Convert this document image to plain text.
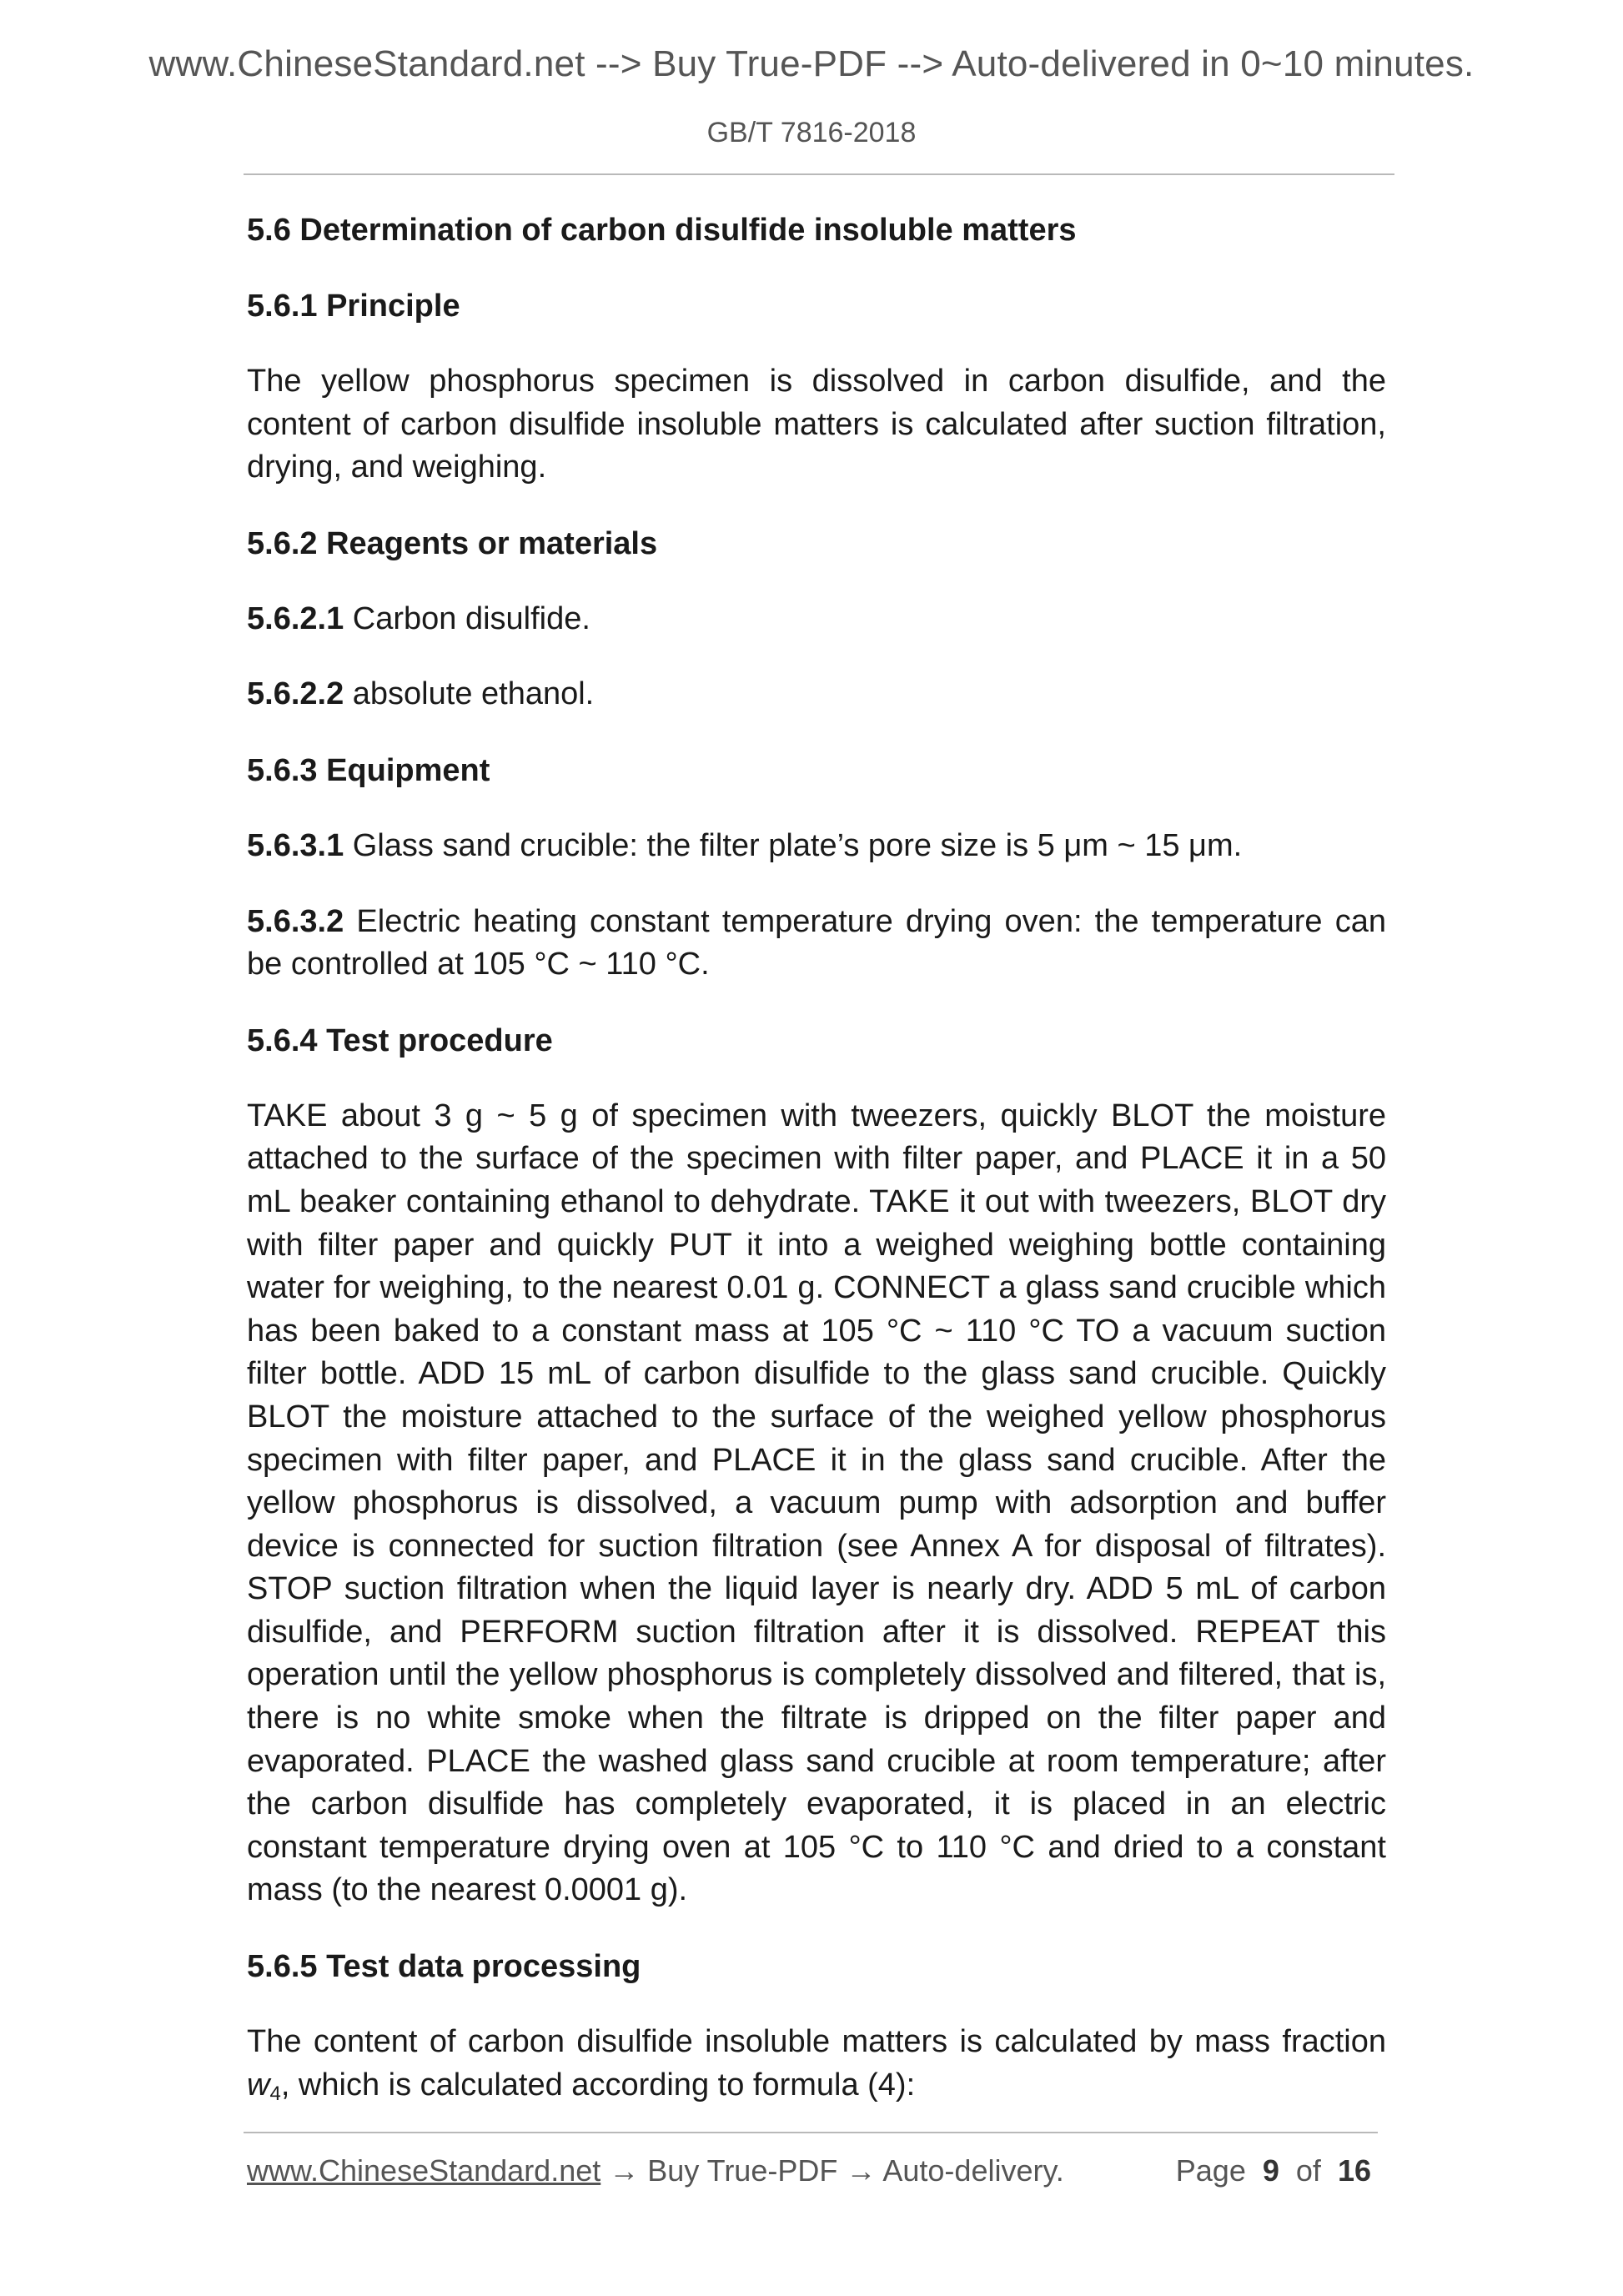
www.ChineseStandard.net --> Buy True-PDF --> Auto-delivered in 0~10 minutes.
GB/T 7816-2018
5.6 Determination of carbon disulfide insoluble matters
5.6.1 Principle
The yellow phosphorus specimen is dissolved in carbon disulfide, and the content of carbon disulfide insoluble matters is calculated after suction filtration, drying, and weighing.
5.6.2 Reagents or materials
5.6.2.1 Carbon disulfide.
5.6.2.2 absolute ethanol.
5.6.3 Equipment
5.6.3.1 Glass sand crucible: the filter plate’s pore size is 5 μm ~ 15 μm.
5.6.3.2 Electric heating constant temperature drying oven: the temperature can be controlled at 105 °C ~ 110 °C.
5.6.4 Test procedure
TAKE about 3 g ~ 5 g of specimen with tweezers, quickly BLOT the moisture attached to the surface of the specimen with filter paper, and PLACE it in a 50 mL beaker containing ethanol to dehydrate. TAKE it out with tweezers, BLOT dry with filter paper and quickly PUT it into a weighed weighing bottle containing water for weighing, to the nearest 0.01 g. CONNECT a glass sand crucible which has been baked to a constant mass at 105 °C ~ 110 °C TO a vacuum suction filter bottle. ADD 15 mL of carbon disulfide to the glass sand crucible. Quickly BLOT the moisture attached to the surface of the weighed yellow phosphorus specimen with filter paper, and PLACE it in the glass sand crucible. After the yellow phosphorus is dissolved, a vacuum pump with adsorption and buffer device is connected for suction filtration (see Annex A for disposal of filtrates). STOP suction filtration when the liquid layer is nearly dry. ADD 5 mL of carbon disulfide, and PERFORM suction filtration after it is dissolved. REPEAT this operation until the yellow phosphorus is completely dissolved and filtered, that is, there is no white smoke when the filtrate is dripped on the filter paper and evaporated. PLACE the washed glass sand crucible at room temperature; after the carbon disulfide has completely evaporated, it is placed in an electric constant temperature drying oven at 105 °C to 110 °C and dried to a constant mass (to the nearest 0.0001 g).
5.6.5 Test data processing
The content of carbon disulfide insoluble matters is calculated by mass fraction $w_4$, which is calculated according to formula (4):
www.ChineseStandard.net → Buy True-PDF → Auto-delivery.	Page 9 of 16
